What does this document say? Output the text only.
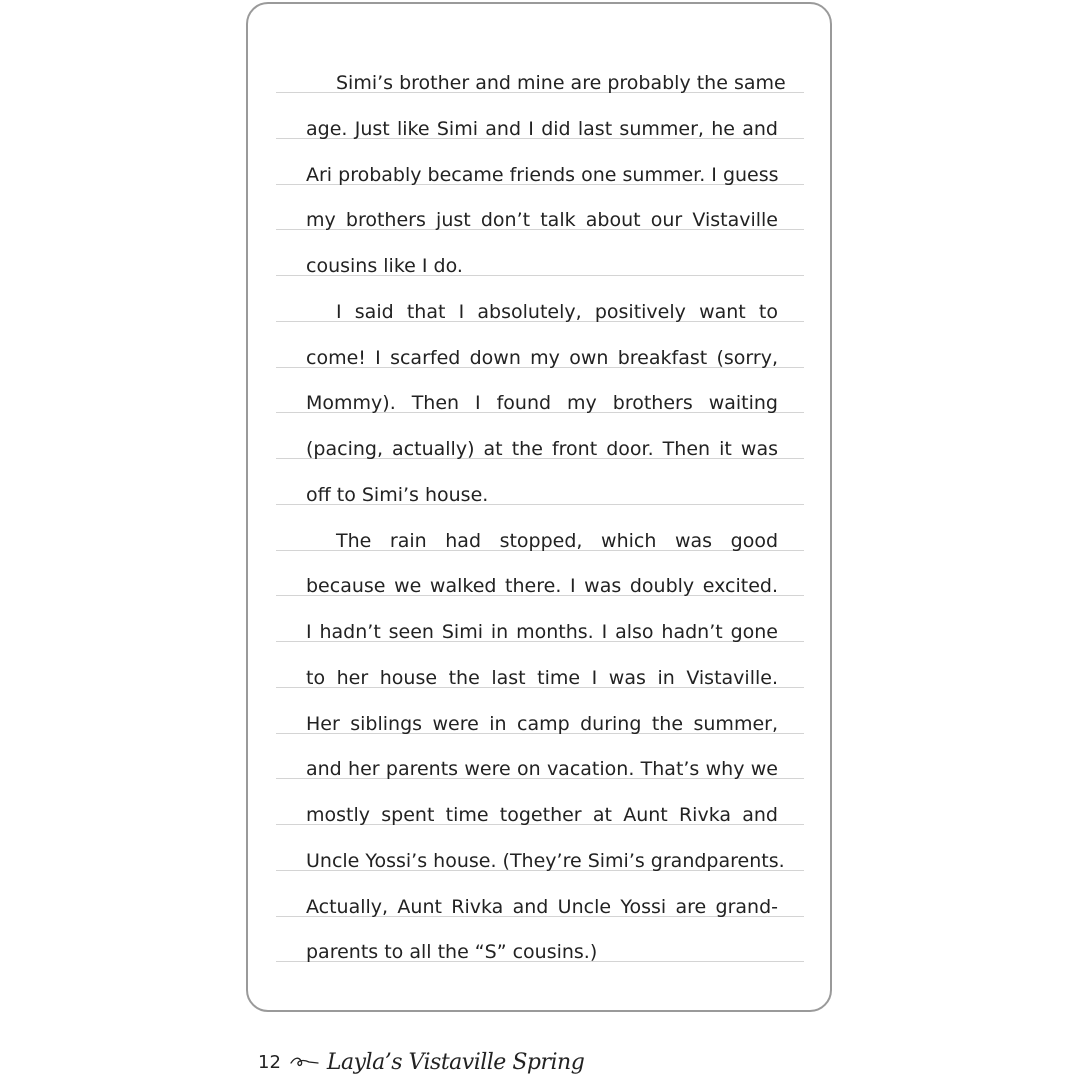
Simi’s brother and mine are probably the same
age. Just like Simi and I did last summer, he and
Ari probably became friends one summer. I guess
my brothers just don’t talk about our Vistaville
cousins like I do.
I said that I absolutely, positively want to
come! I scarfed down my own breakfast (sorry,
Mommy). Then I found my brothers waiting
(pacing, actually) at the front door. Then it was
off to Simi’s house.
The rain had stopped, which was good
because we walked there. I was doubly excited.
I hadn’t seen Simi in months. I also hadn’t gone
to her house the last time I was in Vistaville.
Her siblings were in camp during the summer,
and her parents were on vacation. That’s why we
mostly spent time together at Aunt Rivka and
Uncle Yossi’s house. (They’re Simi’s grandparents.
Actually, Aunt Rivka and Uncle Yossi are grand-
parents to all the “S” cousins.)
12 Layla’s Vistaville Spring
